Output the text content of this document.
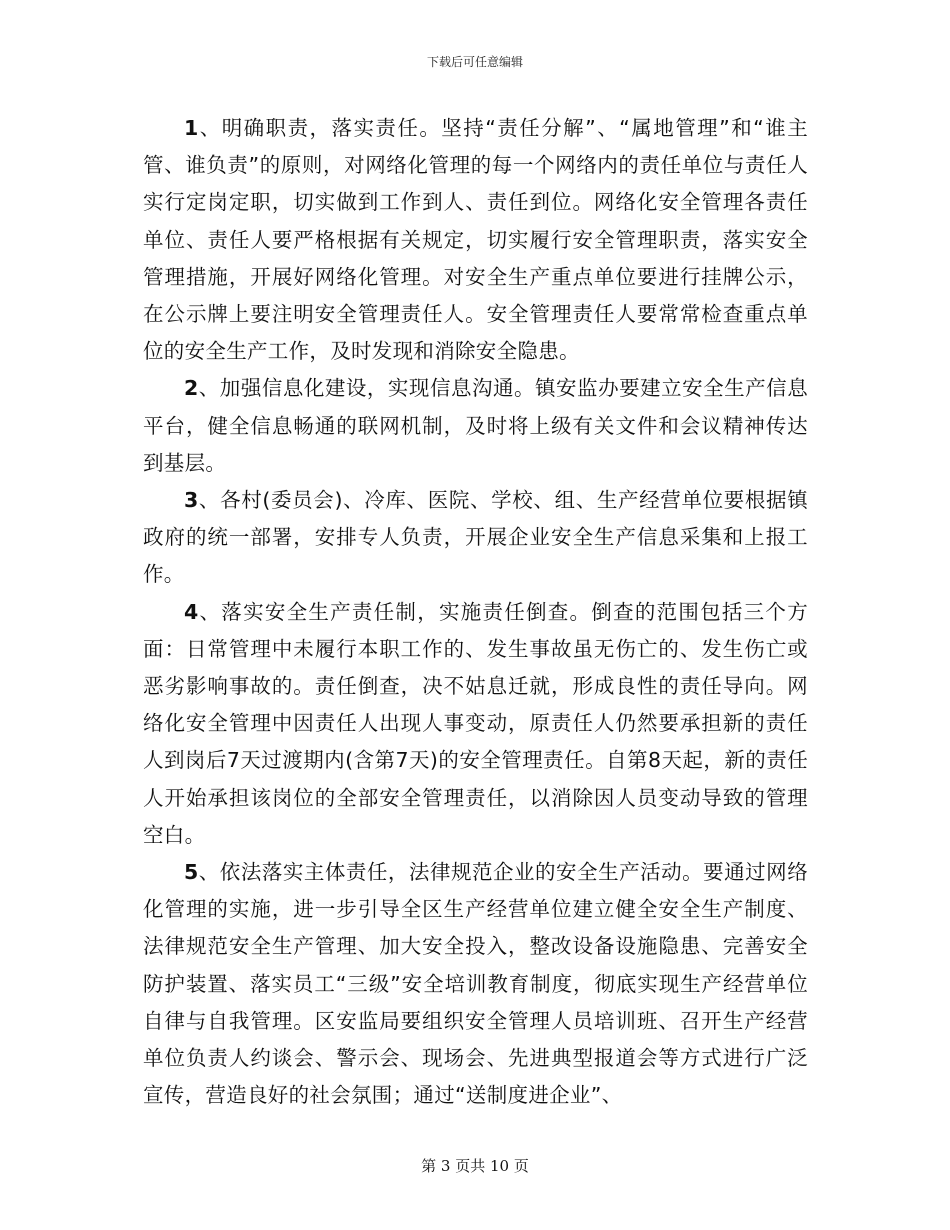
下载后可任意编辑

1、明确职责，落实责任。坚持“责任分解”、“属地管理”和“谁主管、谁负责”的原则，对网络化管理的每一个网络内的责任单位与责任人实行定岗定职，切实做到工作到人、责任到位。网络化安全管理各责任单位、责任人要严格根据有关规定，切实履行安全管理职责，落实安全管理措施，开展好网络化管理。对安全生产重点单位要进行挂牌公示，在公示牌上要注明安全管理责任人。安全管理责任人要常常检查重点单位的安全生产工作，及时发现和消除安全隐患。

2、加强信息化建设，实现信息沟通。镇安监办要建立安全生产信息平台，健全信息畅通的联网机制，及时将上级有关文件和会议精神传达到基层。

3、各村(委员会)、冷库、医院、学校、组、生产经营单位要根据镇政府的统一部署，安排专人负责，开展企业安全生产信息采集和上报工作。

4、落实安全生产责任制，实施责任倒查。倒查的范围包括三个方面：日常管理中未履行本职工作的、发生事故虽无伤亡的、发生伤亡或恶劣影响事故的。责任倒查，决不姑息迁就，形成良性的责任导向。网络化安全管理中因责任人出现人事变动，原责任人仍然要承担新的责任人到岗后7天过渡期内(含第7天)的安全管理责任。自第8天起，新的责任人开始承担该岗位的全部安全管理责任，以消除因人员变动导致的管理空白。

5、依法落实主体责任，法律规范企业的安全生产活动。要通过网络化管理的实施，进一步引导全区生产经营单位建立健全安全生产制度、法律规范安全生产管理、加大安全投入，整改设备设施隐患、完善安全防护装置、落实员工“三级”安全培训教育制度，彻底实现生产经营单位自律与自我管理。区安监局要组织安全管理人员培训班、召开生产经营单位负责人约谈会、警示会、现场会、先进典型报道会等方式进行广泛宣传，营造良好的社会氛围；通过“送制度进企业”、

第 3 页共 10 页
